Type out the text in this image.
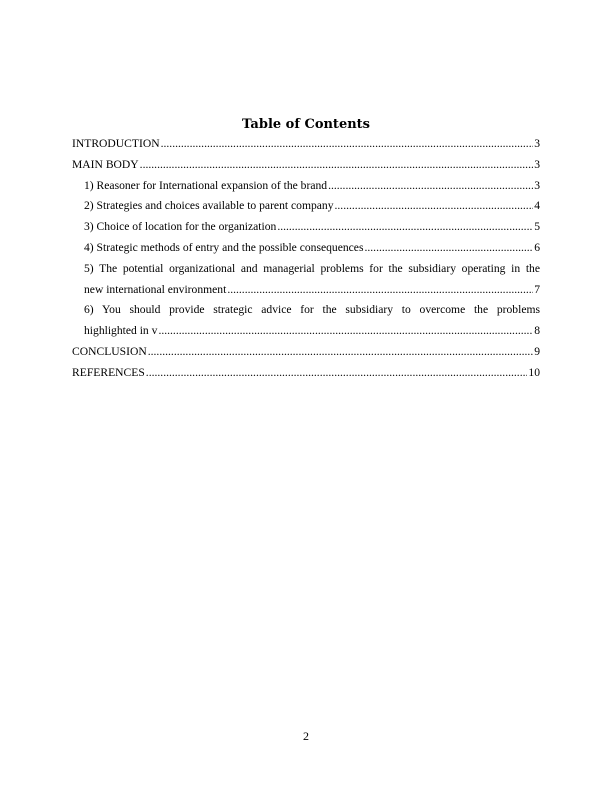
Table of Contents
INTRODUCTION .....	3
MAIN BODY .....	3
1) Reasoner for International expansion of the brand .....	3
2) Strategies and choices available to parent company .....	4
3) Choice of location for the organization .....	5
4) Strategic methods of entry and the possible consequences .....	6
5) The potential organizational and managerial problems for the subsidiary operating in the
new international environment .....	7
6) You should provide strategic advice for the subsidiary to overcome the problems
highlighted in v .....	8
CONCLUSION .....	9
REFERENCES .....	10
2
